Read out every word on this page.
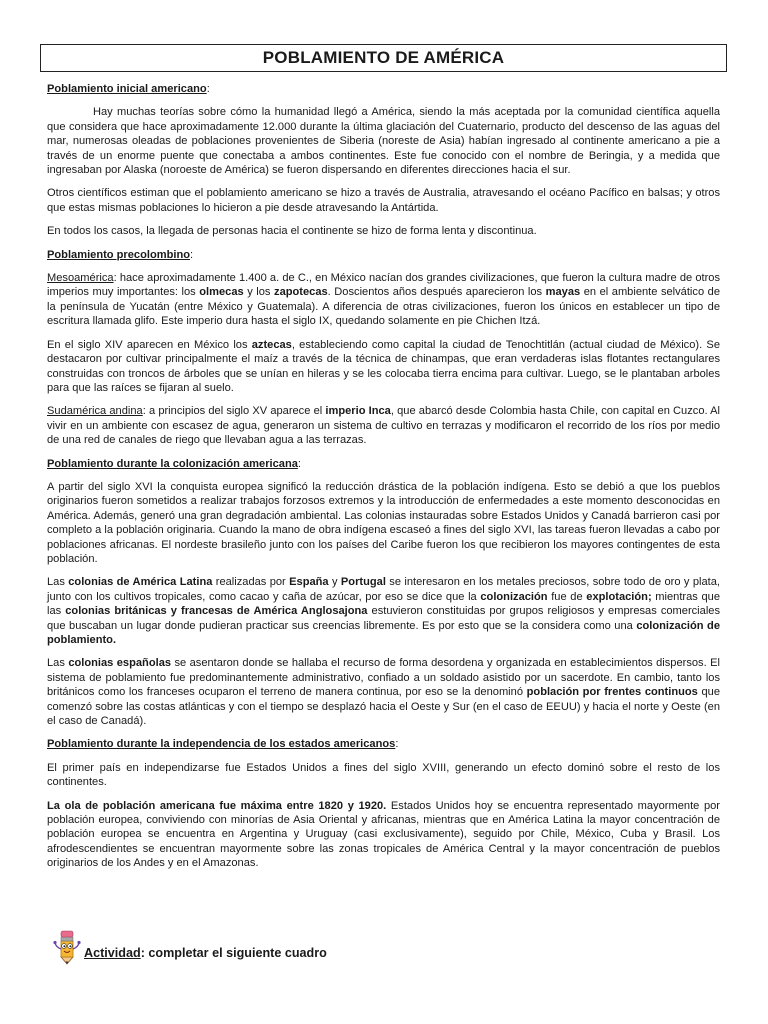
POBLAMIENTO DE AMÉRICA

Poblamiento inicial americano:

Hay muchas teorías sobre cómo la humanidad llegó a América, siendo la más aceptada por la comunidad científica aquella que considera que hace aproximadamente 12.000 durante la última glaciación del Cuaternario, producto del descenso de las aguas del mar, numerosas oleadas de poblaciones provenientes de Siberia (noreste de Asia) habían ingresado al continente americano a pie a través de un enorme puente que conectaba a ambos continentes. Este fue conocido con el nombre de Beringia, y a medida que ingresaban por Alaska (noroeste de América) se fueron dispersando en diferentes direcciones hacia el sur.

Otros científicos estiman que el poblamiento americano se hizo a través de Australia, atravesando el océano Pacífico en balsas; y otros que estas mismas poblaciones lo hicieron a pie desde atravesando la Antártida.

En todos los casos, la llegada de personas hacia el continente se hizo de forma lenta y discontinua.

Poblamiento precolombino:

Mesoamérica: hace aproximadamente 1.400 a. de C., en México nacían dos grandes civilizaciones, que fueron la cultura madre de otros imperios muy importantes: los olmecas y los zapotecas. Doscientos años después aparecieron los mayas en el ambiente selvático de la península de Yucatán (entre México y Guatemala). A diferencia de otras civilizaciones, fueron los únicos en establecer un tipo de escritura llamada glifo. Este imperio dura hasta el siglo IX, quedando solamente en pie Chichen Itzá.

En el siglo XIV aparecen en México los aztecas, estableciendo como capital la ciudad de Tenochtitlán (actual ciudad de México). Se destacaron por cultivar principalmente el maíz a través de la técnica de chinampas, que eran verdaderas islas flotantes rectangulares construidas con troncos de árboles que se unían en hileras y se les colocaba tierra encima para cultivar. Luego, se le plantaban arboles para que las raíces se fijaran al suelo.

Sudamérica andina: a principios del siglo XV aparece el imperio Inca, que abarcó desde Colombia hasta Chile, con capital en Cuzco. Al vivir en un ambiente con escasez de agua, generaron un sistema de cultivo en terrazas y modificaron el recorrido de los ríos por medio de una red de canales de riego que llevaban agua a las terrazas.

Poblamiento durante la colonización americana:

A partir del siglo XVI la conquista europea significó la reducción drástica de la población indígena. Esto se debió a que los pueblos originarios fueron sometidos a realizar trabajos forzosos extremos y la introducción de enfermedades a este momento desconocidas en América. Además, generó una gran degradación ambiental. Las colonias instauradas sobre Estados Unidos y Canadá barrieron casi por completo a la población originaria. Cuando la mano de obra indígena escaseó a fines del siglo XVI, las tareas fueron llevadas a cabo por poblaciones africanas. El nordeste brasileño junto con los países del Caribe fueron los que recibieron los mayores contingentes de esta población.

Las colonias de América Latina realizadas por España y Portugal se interesaron en los metales preciosos, sobre todo de oro y plata, junto con los cultivos tropicales, como cacao y caña de azúcar, por eso se dice que la colonización fue de explotación; mientras que las colonias británicas y francesas de América Anglosajona estuvieron constituidas por grupos religiosos y empresas comerciales que buscaban un lugar donde pudieran practicar sus creencias libremente. Es por esto que se la considera como una colonización de poblamiento.

Las colonias españolas se asentaron donde se hallaba el recurso de forma desordena y organizada en establecimientos dispersos. El sistema de poblamiento fue predominantemente administrativo, confiado a un soldado asistido por un sacerdote. En cambio, tanto los británicos como los franceses ocuparon el terreno de manera continua, por eso se la denominó población por frentes continuos que comenzó sobre las costas atlánticas y con el tiempo se desplazó hacia el Oeste y Sur (en el caso de EEUU) y hacia el norte y Oeste (en el caso de Canadá).

Poblamiento durante la independencia de los estados americanos:

El primer país en independizarse fue Estados Unidos a fines del siglo XVIII, generando un efecto dominó sobre el resto de los continentes.

La ola de población americana fue máxima entre 1820 y 1920. Estados Unidos hoy se encuentra representado mayormente por población europea, conviviendo con minorías de Asia Oriental y africanas, mientras que en América Latina la mayor concentración de población europea se encuentra en Argentina y Uruguay (casi exclusivamente), seguido por Chile, México, Cuba y Brasil. Los afrodescendientes se encuentran mayormente sobre las zonas tropicales de América Central y la mayor concentración de pueblos originarios de los Andes y en el Amazonas.

Actividad: completar el siguiente cuadro
